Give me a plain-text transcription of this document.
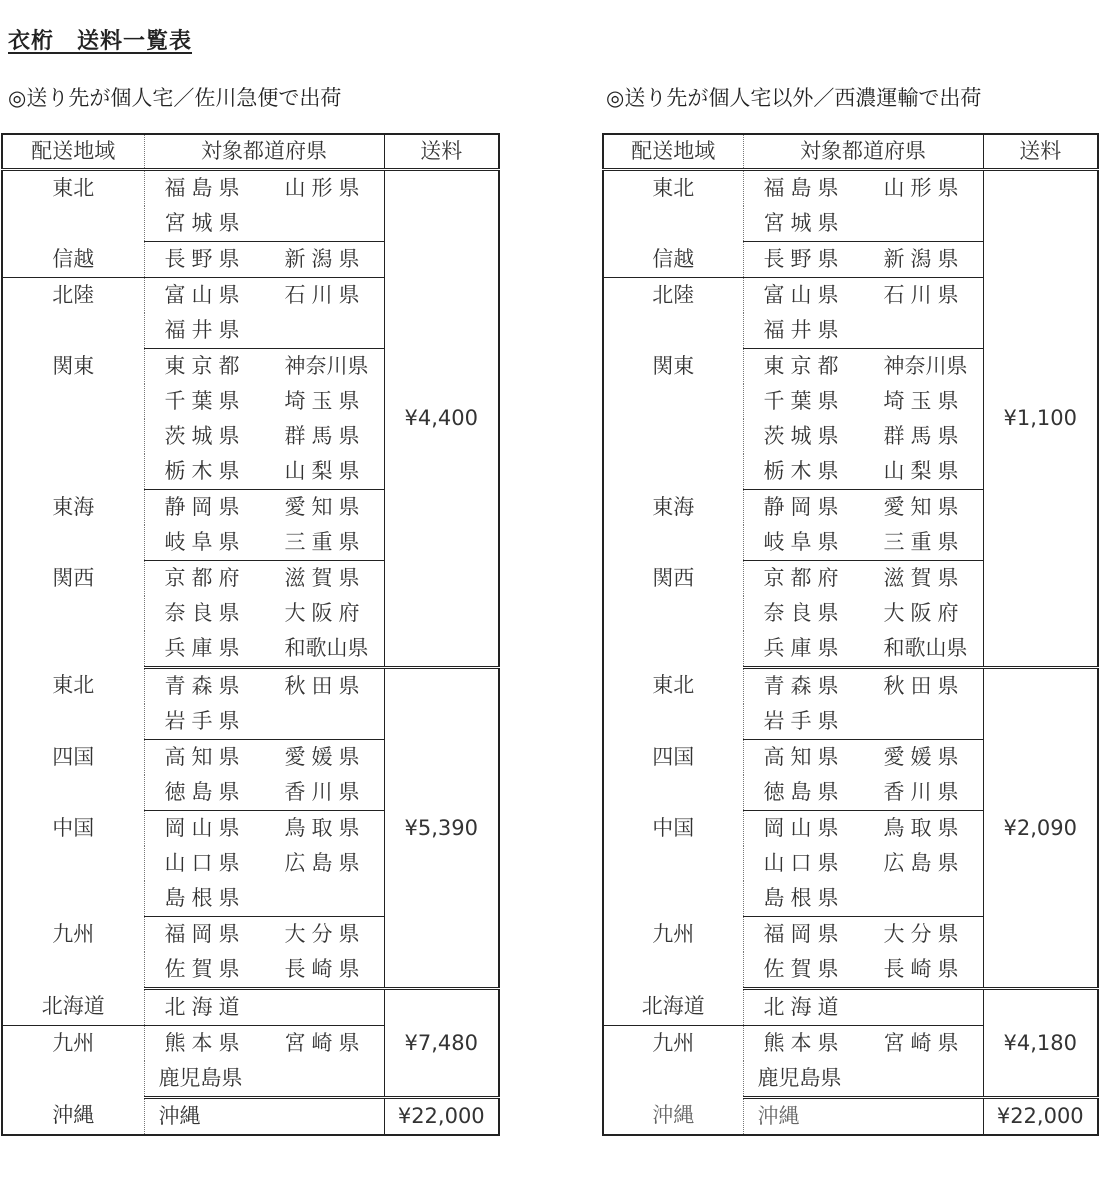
衣桁　送料一覧表
◎送り先が個人宅／佐川急便で出荷	◎送り先が個人宅以外／西濃運輸で出荷
配送地域	対象都道府県	送料
東北	福島県 山形県	¥4,400
	宮城県	
信越	長野県 新潟県	
北陸	富山県 石川県	
	福井県	
関東	東京都 神奈川県	
	千葉県 埼玉県	
	茨城県 群馬県	
	栃木県 山梨県	
東海	静岡県 愛知県	
	岐阜県 三重県	
関西	京都府 滋賀県	
	奈良県 大阪府	
	兵庫県 和歌山県	
東北	青森県 秋田県	¥5,390
	岩手県	
四国	高知県 愛媛県	
	徳島県 香川県	
中国	岡山県 鳥取県	
	山口県 広島県	
	島根県	
九州	福岡県 大分県	
	佐賀県 長崎県	
北海道	北海道	¥7,480
九州	熊本県 宮崎県	
	鹿児島県	
沖縄	沖縄	¥22,000
配送地域	対象都道府県	送料
東北	福島県 山形県	¥1,100
	宮城県	
信越	長野県 新潟県	
北陸	富山県 石川県	
	福井県	
関東	東京都 神奈川県	
	千葉県 埼玉県	
	茨城県 群馬県	
	栃木県 山梨県	
東海	静岡県 愛知県	
	岐阜県 三重県	
関西	京都府 滋賀県	
	奈良県 大阪府	
	兵庫県 和歌山県	
東北	青森県 秋田県	¥2,090
	岩手県	
四国	高知県 愛媛県	
	徳島県 香川県	
中国	岡山県 鳥取県	
	山口県 広島県	
	島根県	
九州	福岡県 大分県	
	佐賀県 長崎県	
北海道	北海道	¥4,180
九州	熊本県 宮崎県	
	鹿児島県	
沖縄	沖縄	¥22,000
